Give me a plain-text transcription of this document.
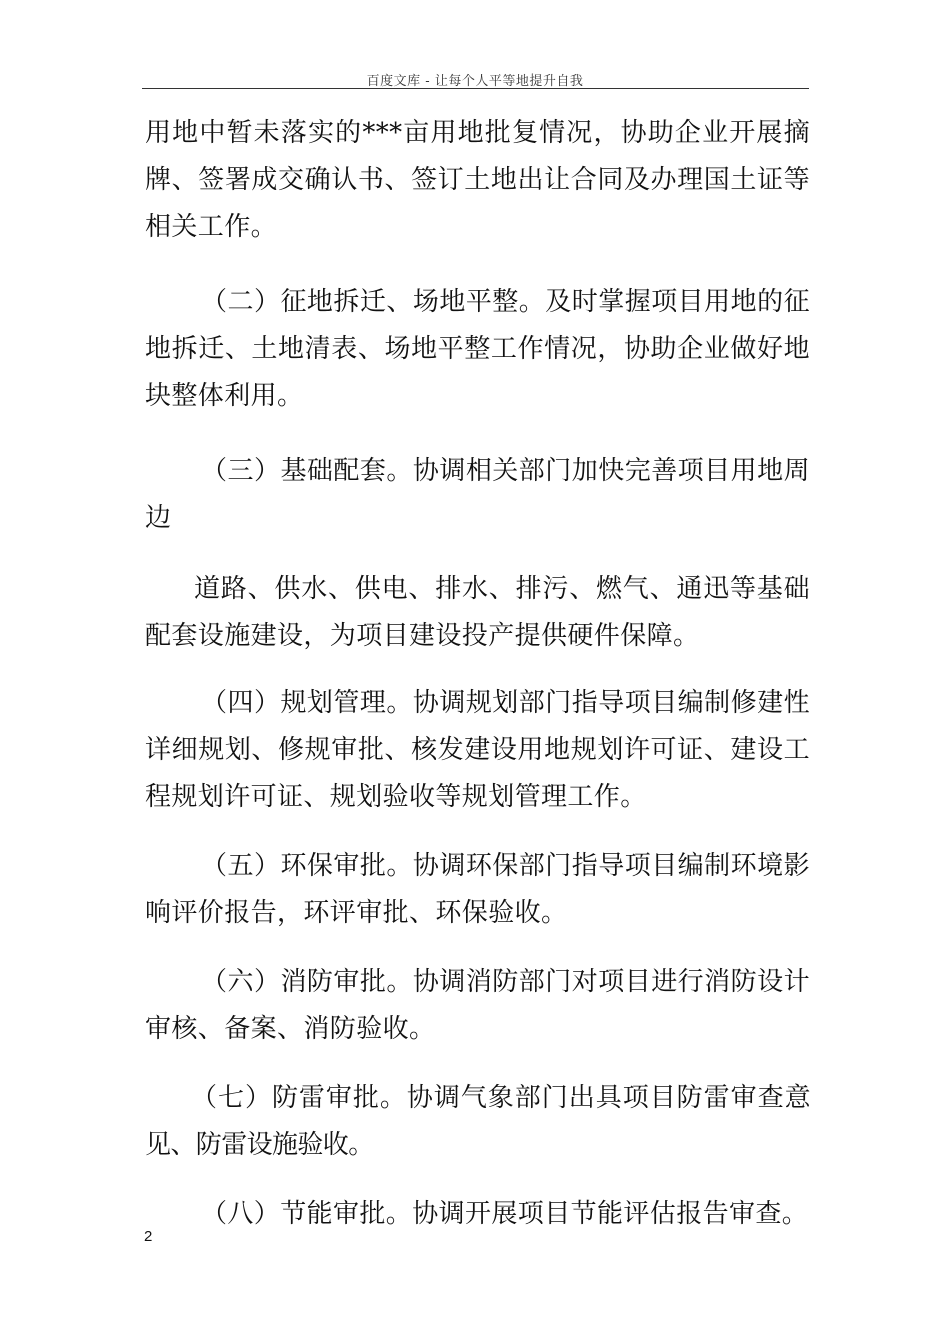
百度文库 - 让每个人平等地提升自我

用地中暂未落实的***亩用地批复情况，协助企业开展摘牌、签署成交确认书、签订土地出让合同及办理国土证等相关工作。

（二）征地拆迁、场地平整。及时掌握项目用地的征地拆迁、土地清表、场地平整工作情况，协助企业做好地块整体利用。

（三）基础配套。协调相关部门加快完善项目用地周边

道路、供水、供电、排水、排污、燃气、通迅等基础配套设施建设，为项目建设投产提供硬件保障。

（四）规划管理。协调规划部门指导项目编制修建性详细规划、修规审批、核发建设用地规划许可证、建设工程规划许可证、规划验收等规划管理工作。

（五）环保审批。协调环保部门指导项目编制环境影响评价报告，环评审批、环保验收。

（六）消防审批。协调消防部门对项目进行消防设计审核、备案、消防验收。

（七）防雷审批。协调气象部门出具项目防雷审查意见、防雷设施验收。

（八）节能审批。协调开展项目节能评估报告审查。

2
